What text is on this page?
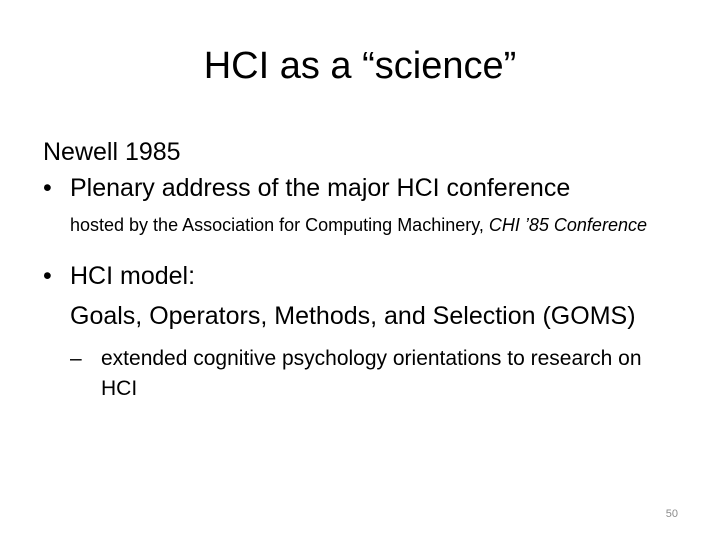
HCI as a “science”
Newell 1985
• Plenary address of the major HCI conference
hosted by the Association for Computing Machinery, CHI ’85 Conference
• HCI model:
Goals, Operators, Methods, and Selection (GOMS)
– extended cognitive psychology orientations to research on HCI
50
